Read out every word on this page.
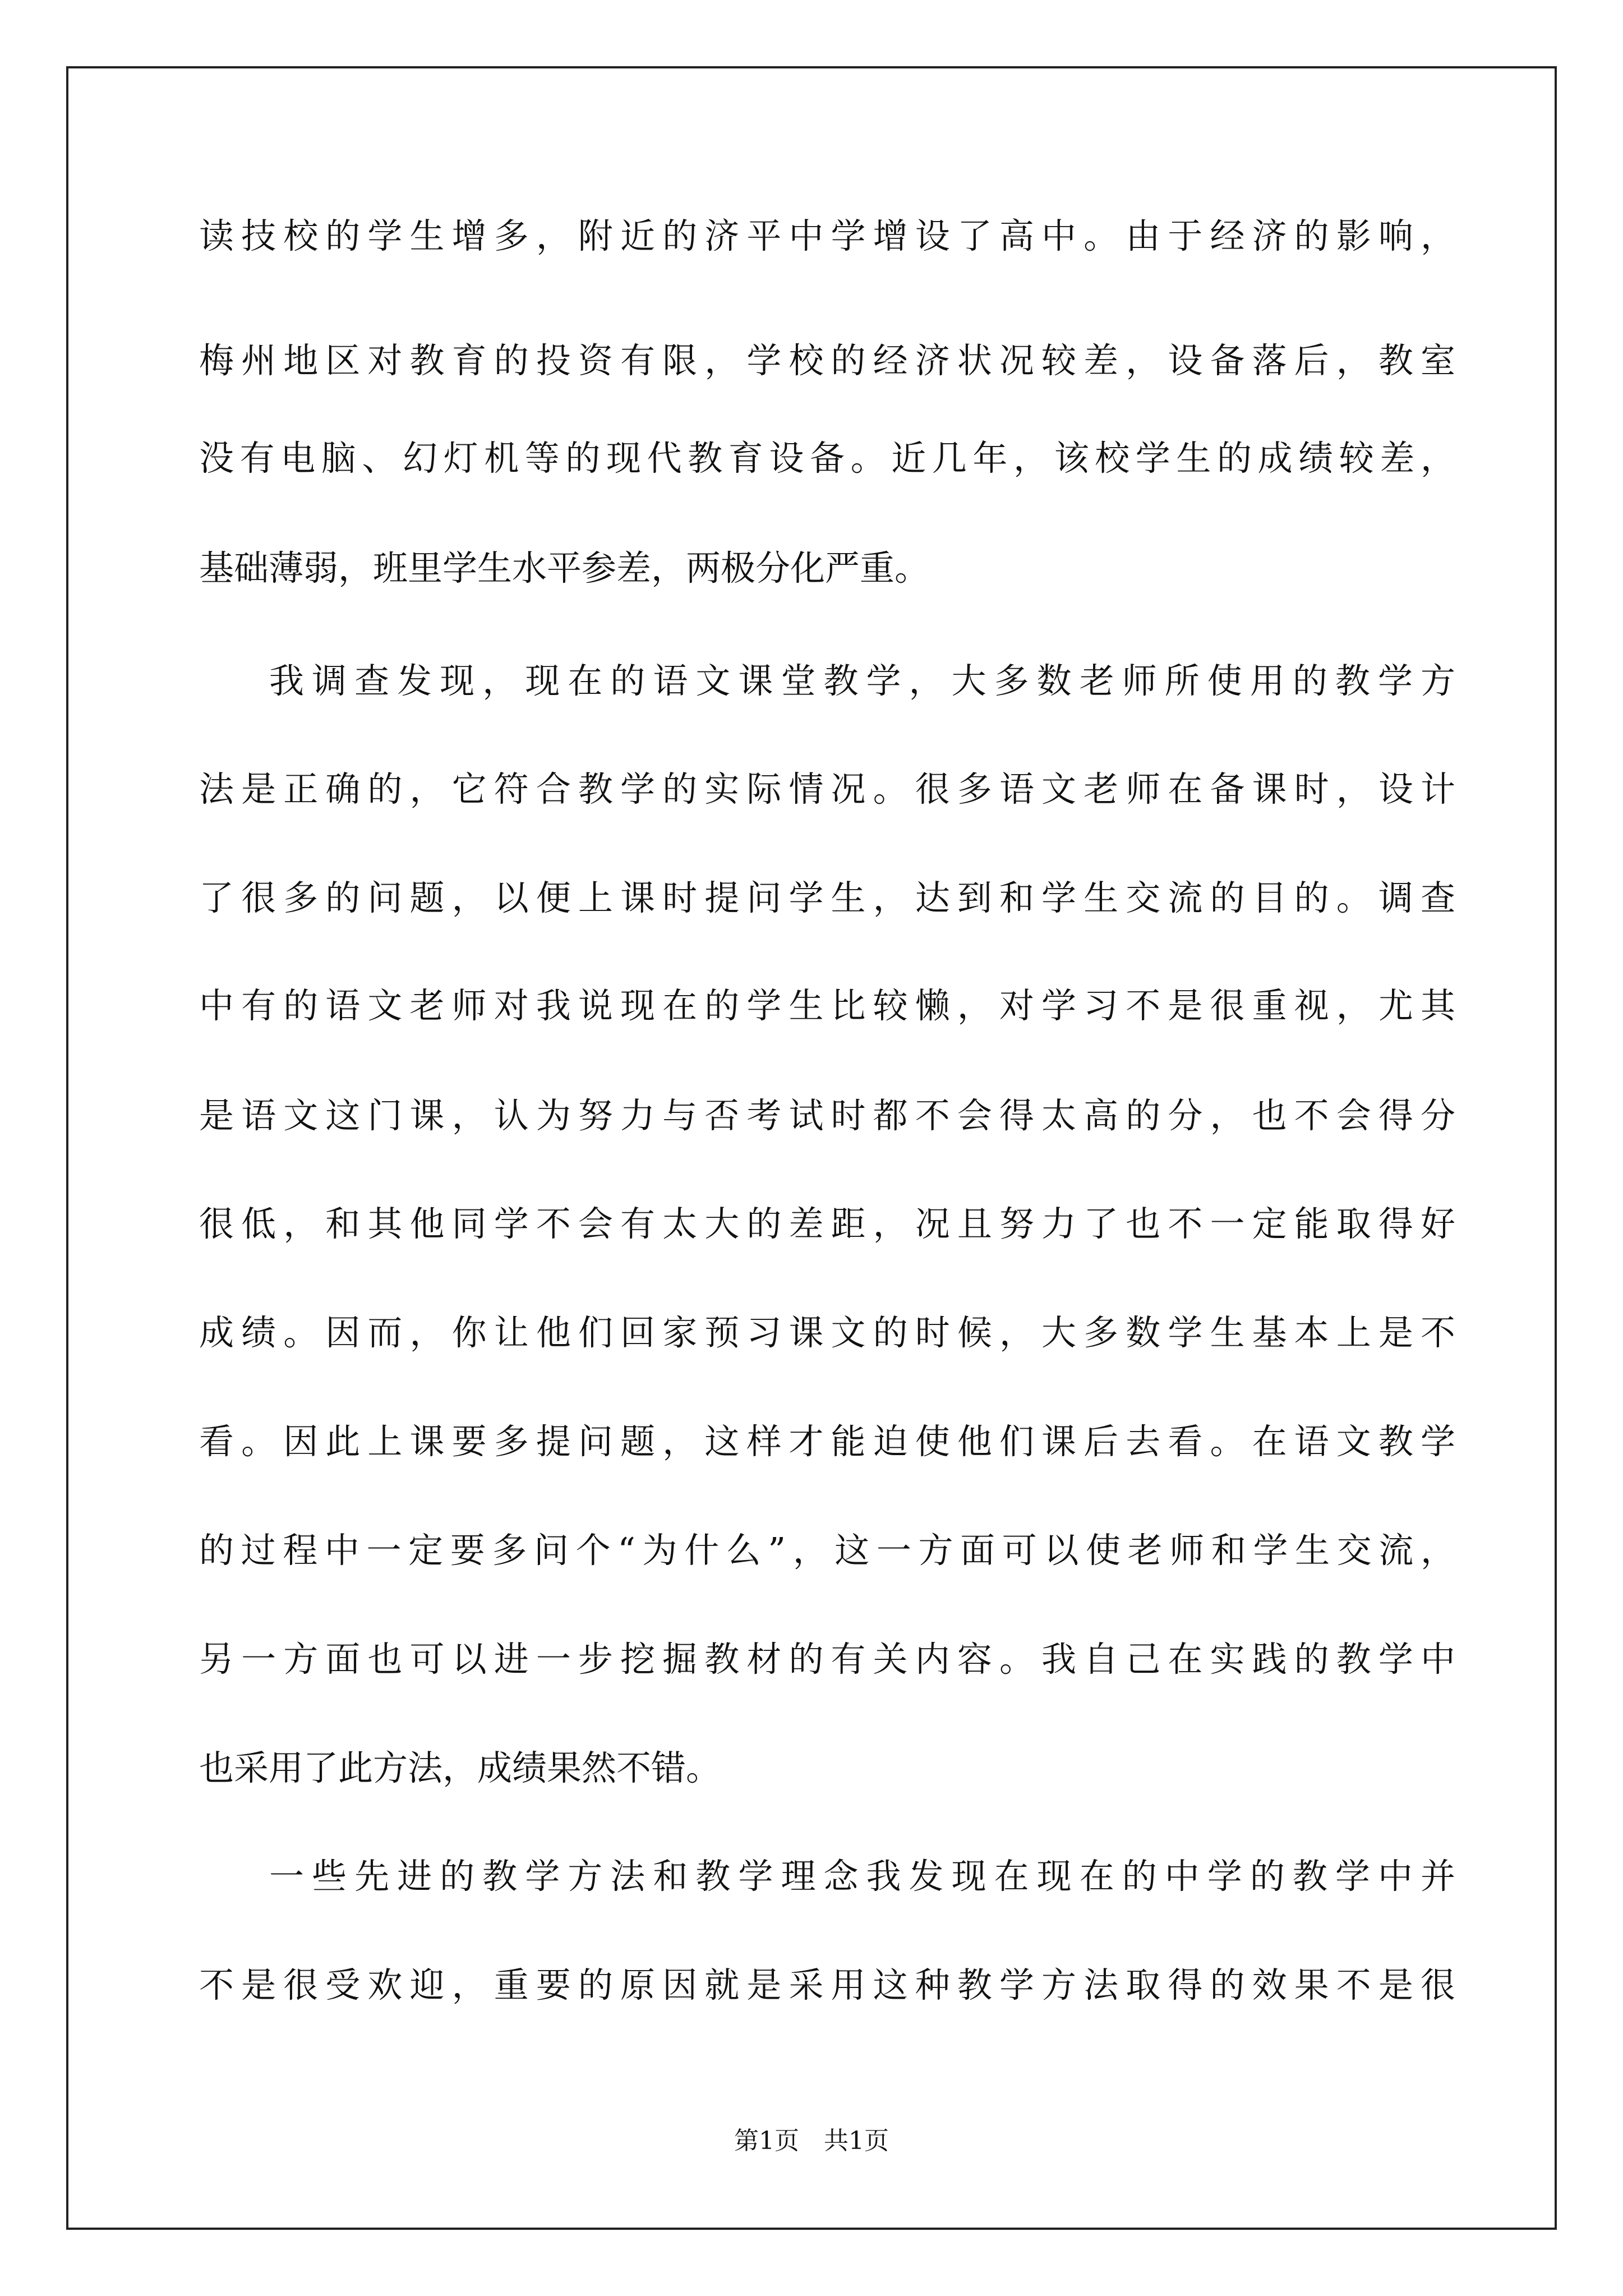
读技校的学生增多，附近的济平中学增设了高中。由于经济的影响，
梅州地区对教育的投资有限，学校的经济状况较差，设备落后，教室
没有电脑、幻灯机等的现代教育设备。近几年，该校学生的成绩较差，
基础薄弱，班里学生水平参差，两极分化严重。
我调查发现，现在的语文课堂教学，大多数老师所使用的教学方
法是正确的，它符合教学的实际情况。很多语文老师在备课时，设计
了很多的问题，以便上课时提问学生，达到和学生交流的目的。调查
中有的语文老师对我说现在的学生比较懒，对学习不是很重视，尤其
是语文这门课，认为努力与否考试时都不会得太高的分，也不会得分
很低，和其他同学不会有太大的差距，况且努力了也不一定能取得好
成绩。因而，你让他们回家预习课文的时候，大多数学生基本上是不
看。因此上课要多提问题，这样才能迫使他们课后去看。在语文教学
的过程中一定要多问个“为什么”，这一方面可以使老师和学生交流，
另一方面也可以进一步挖掘教材的有关内容。我自己在实践的教学中
也采用了此方法，成绩果然不错。
一些先进的教学方法和教学理念我发现在现在的中学的教学中并
不是很受欢迎，重要的原因就是采用这种教学方法取得的效果不是很
第1页　共1页
